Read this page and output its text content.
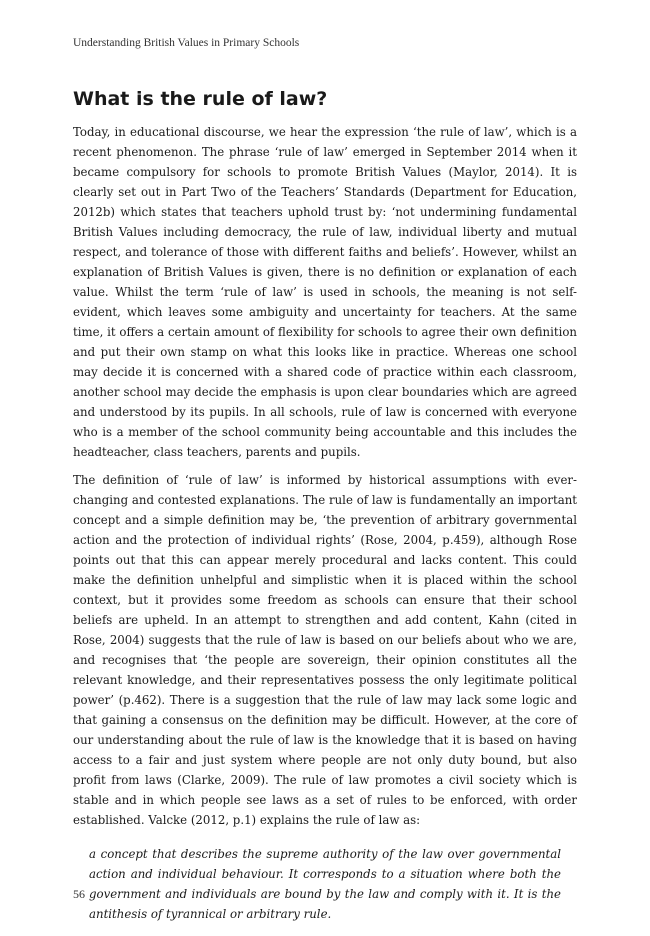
Understanding British Values in Primary Schools
What is the rule of law?

Today, in educational discourse, we hear the expression ‘the rule of law’, which is a recent phenomenon. The phrase ‘rule of law’ emerged in September 2014 when it became compulsory for schools to promote British Values (Maylor, 2014). It is clearly set out in Part Two of the Teachers’ Standards (Department for Education, 2012b) which states that teachers uphold trust by: ‘not undermining fundamental British Values including democracy, the rule of law, individual liberty and mutual respect, and tolerance of those with different faiths and beliefs’. However, whilst an explanation of British Values is given, there is no definition or explanation of each value. Whilst the term ‘rule of law’ is used in schools, the meaning is not self-evident, which leaves some ambiguity and uncertainty for teachers. At the same time, it offers a certain amount of flexibility for schools to agree their own definition and put their own stamp on what this looks like in practice. Whereas one school may decide it is concerned with a shared code of practice within each classroom, another school may decide the emphasis is upon clear boundaries which are agreed and understood by its pupils. In all schools, rule of law is concerned with everyone who is a member of the school community being accountable and this includes the headteacher, class teachers, parents and pupils.

The definition of ‘rule of law’ is informed by historical assumptions with ever-changing and contested explanations. The rule of law is fundamentally an important concept and a simple definition may be, ‘the prevention of arbitrary governmental action and the protection of individual rights’ (Rose, 2004, p.459), although Rose points out that this can appear merely procedural and lacks content. This could make the definition unhelpful and simplistic when it is placed within the school context, but it provides some freedom as schools can ensure that their school beliefs are upheld. In an attempt to strengthen and add content, Kahn (cited in Rose, 2004) suggests that the rule of law is based on our beliefs about who we are, and recognises that ‘the people are sovereign, their opinion constitutes all the relevant knowledge, and their representatives possess the only legitimate political power’ (p.462). There is a suggestion that the rule of law may lack some logic and that gaining a consensus on the definition may be difficult. However, at the core of our understanding about the rule of law is the knowledge that it is based on having access to a fair and just system where people are not only duty bound, but also profit from laws (Clarke, 2009). The rule of law promotes a civil society which is stable and in which people see laws as a set of rules to be enforced, with order established. Valcke (2012, p.1) explains the rule of law as:

a concept that describes the supreme authority of the law over governmental action and individual behaviour. It corresponds to a situation where both the government and individuals are bound by the law and comply with it. It is the antithesis of tyrannical or arbitrary rule.

56
